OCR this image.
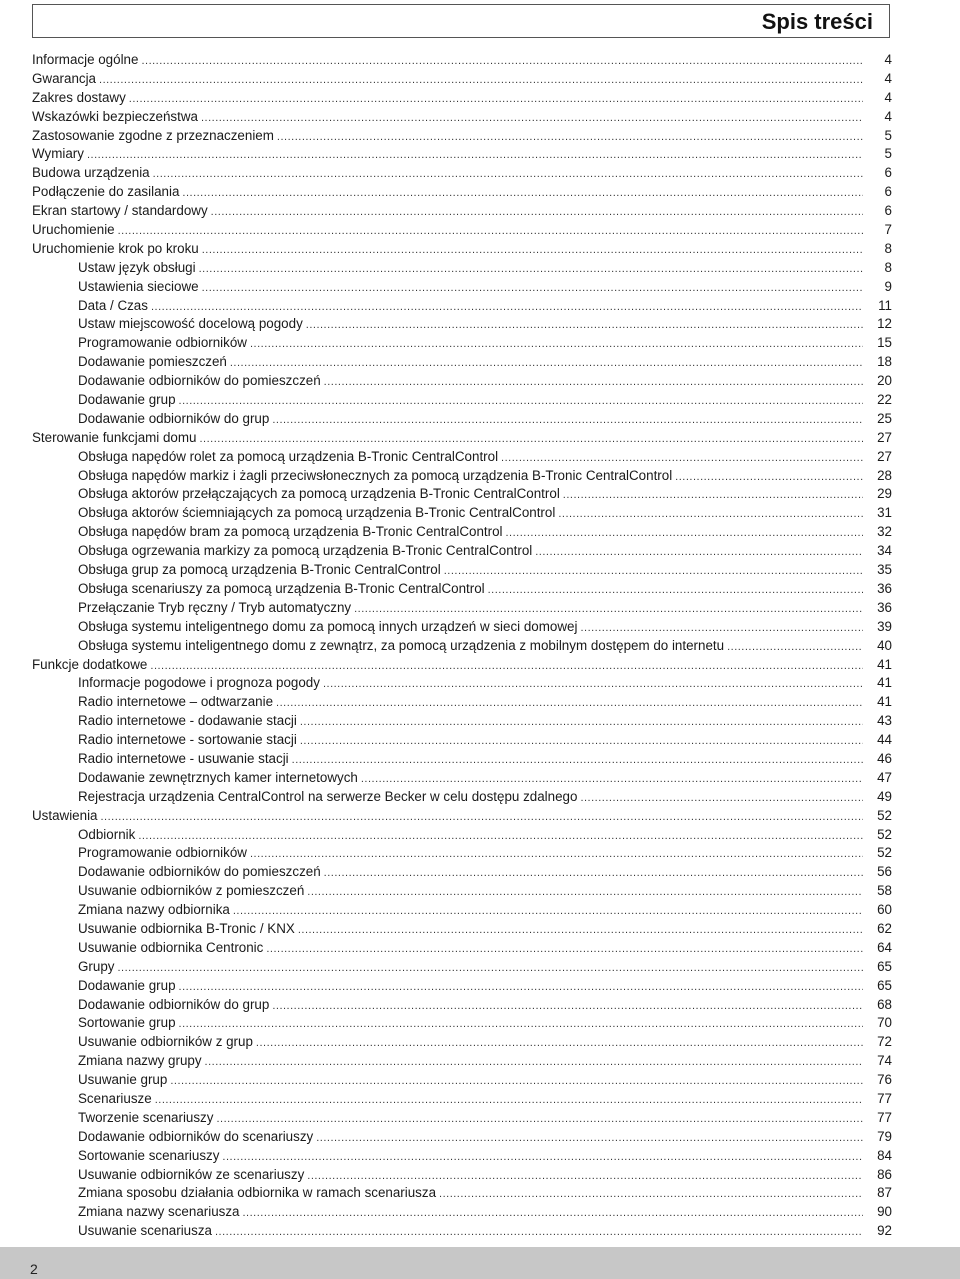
Spis treści
Informacje ogólne .....	4
Gwarancja .....	4
Zakres dostawy .....	4
Wskazówki bezpieczeństwa .....	4
Zastosowanie zgodne z przeznaczeniem .....	5
Wymiary .....	5
Budowa urządzenia .....	6
Podłączenie do zasilania .....	6
Ekran startowy / standardowy .....	6
Uruchomienie .....	7
Uruchomienie krok po kroku .....	8
Ustaw język obsługi .....	8
Ustawienia sieciowe .....	9
Data / Czas .....	11
Ustaw miejscowość docelową pogody .....	12
Programowanie odbiorników .....	15
Dodawanie pomieszczeń .....	18
Dodawanie odbiorników do pomieszczeń .....	20
Dodawanie grup .....	22
Dodawanie odbiorników do grup .....	25
Sterowanie funkcjami domu .....	27
Obsługa napędów rolet za pomocą urządzenia B-Tronic CentralControl .....	27
Obsługa napędów markiz i żagli przeciwsłonecznych za pomocą urządzenia B-Tronic CentralControl .....	28
Obsługa aktorów przełączających za pomocą urządzenia B-Tronic CentralControl .....	29
Obsługa aktorów ściemniających za pomocą urządzenia B-Tronic CentralControl .....	31
Obsługa napędów bram za pomocą urządzenia B-Tronic CentralControl .....	32
Obsługa ogrzewania markizy za pomocą urządzenia B-Tronic CentralControl .....	34
Obsługa grup za pomocą urządzenia B-Tronic CentralControl .....	35
Obsługa scenariuszy za pomocą urządzenia B-Tronic CentralControl .....	36
Przełączanie Tryb ręczny / Tryb automatyczny .....	36
Obsługa systemu inteligentnego domu za pomocą innych urządzeń w sieci domowej .....	39
Obsługa systemu inteligentnego domu z zewnątrz, za pomocą urządzenia z mobilnym dostępem do internetu .....	40
Funkcje dodatkowe .....	41
Informacje pogodowe i prognoza pogody .....	41
Radio internetowe – odtwarzanie .....	41
Radio internetowe - dodawanie stacji .....	43
Radio internetowe - sortowanie stacji .....	44
Radio internetowe - usuwanie stacji .....	46
Dodawanie zewnętrznych kamer internetowych .....	47
Rejestracja urządzenia CentralControl na serwerze Becker w celu dostępu zdalnego .....	49
Ustawienia .....	52
Odbiornik .....	52
Programowanie odbiorników .....	52
Dodawanie odbiorników do pomieszczeń .....	56
Usuwanie odbiorników z pomieszczeń .....	58
Zmiana nazwy odbiornika .....	60
Usuwanie odbiornika B-Tronic / KNX .....	62
Usuwanie odbiornika Centronic .....	64
Grupy .....	65
Dodawanie grup .....	65
Dodawanie odbiorników do grup .....	68
Sortowanie grup .....	70
Usuwanie odbiorników z grup .....	72
Zmiana nazwy grupy .....	74
Usuwanie grup .....	76
Scenariusze .....	77
Tworzenie scenariuszy .....	77
Dodawanie odbiorników do scenariuszy .....	79
Sortowanie scenariuszy .....	84
Usuwanie odbiorników ze scenariuszy .....	86
Zmiana sposobu działania odbiornika w ramach scenariusza .....	87
Zmiana nazwy scenariusza .....	90
Usuwanie scenariusza .....	92
2
